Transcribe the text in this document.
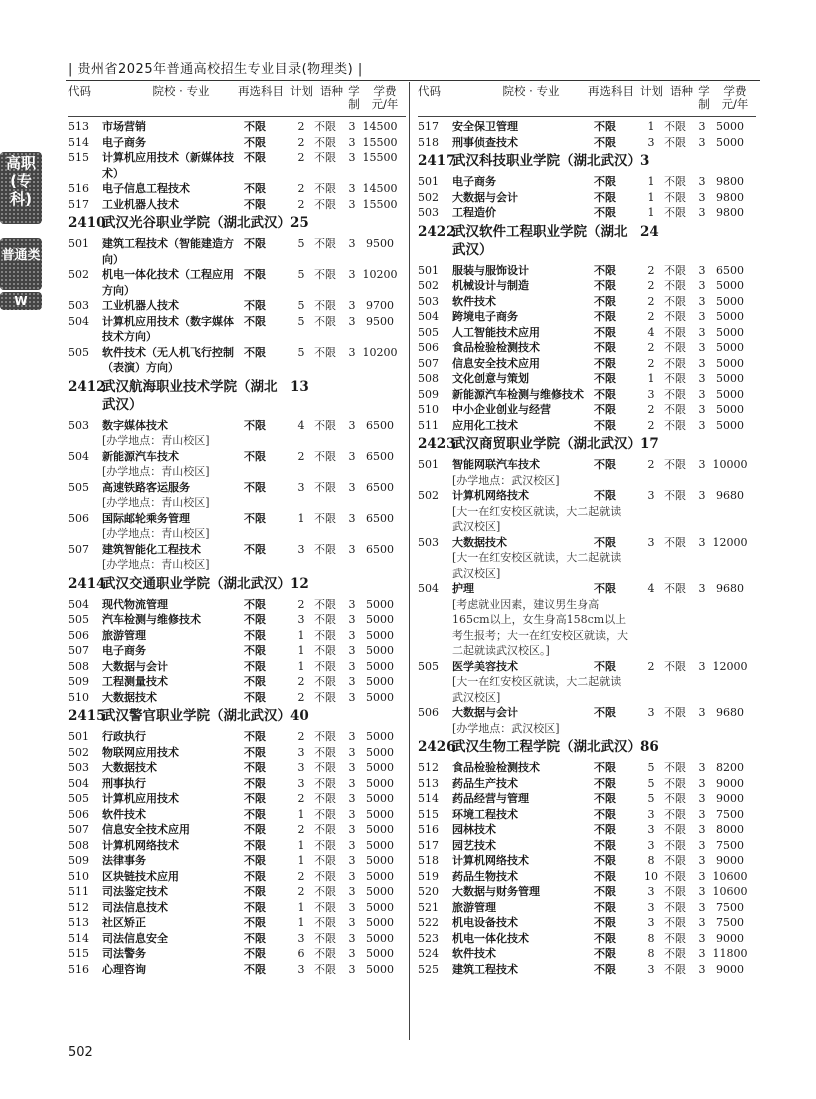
| 贵州省2025年普通高校招生专业目录(物理类) |
高职(专科)
普通类
W
代码	院校 · 专业	再选科目 计划 语种 学制
学费元/年
513	市场营销	不限	2 不限	3 14500
514	电子商务	不限	2 不限	3 15500
515	计算机应用技术（新媒体技术）
不限	2 不限	3 15500
516	电子信息工程技术	不限	2 不限	3 14500
517	工业机器人技术	不限	2 不限	3 15500
2410
武汉光谷职业学院（湖北武汉） 25
501	建筑工程技术（智能建造方向）
不限	5 不限	3 9500
502	机电一体化技术（工程应用方向）
不限	5 不限	3 10200
503	工业机器人技术	不限	5 不限	3 9700
504	计算机应用技术（数字媒体技术方向）
不限	5 不限	3 9500
505	软件技术（无人机飞行控制（表演）方向）
不限	5 不限	3 10200
2412
武汉航海职业技术学院（湖北武汉）
13
503	数字媒体技术	不限	4 不限	3 6500
[办学地点：青山校区]
504	新能源汽车技术	不限	2 不限	3 6500
[办学地点：青山校区]
505	高速铁路客运服务	不限	3 不限	3 6500
[办学地点：青山校区]
506	国际邮轮乘务管理	不限	1 不限	3 6500
[办学地点：青山校区]
507	建筑智能化工程技术	不限	3 不限	3 6500
[办学地点：青山校区]
2414
武汉交通职业学院（湖北武汉） 12
504	现代物流管理	不限	2 不限	3 5000
505	汽车检测与维修技术	不限	3 不限	3 5000
506	旅游管理	不限	1 不限	3 5000
507	电子商务	不限	1 不限	3 5000
508	大数据与会计	不限	1 不限	3 5000
509	工程测量技术	不限	2 不限	3 5000
510	大数据技术	不限	2 不限	3 5000
2415
武汉警官职业学院（湖北武汉） 40
501	行政执行	不限	2 不限	3 5000
502	物联网应用技术	不限	3 不限	3 5000
503	大数据技术	不限	3 不限	3 5000
504	刑事执行	不限	3 不限	3 5000
505	计算机应用技术	不限	2 不限	3 5000
506	软件技术	不限	1 不限	3 5000
507	信息安全技术应用	不限	2 不限	3 5000
508	计算机网络技术	不限	1 不限	3 5000
509	法律事务	不限	1 不限	3 5000
510	区块链技术应用	不限	2 不限	3 5000
511	司法鉴定技术	不限	2 不限	3 5000
512	司法信息技术	不限	1 不限	3 5000
513	社区矫正	不限	1 不限	3 5000
514	司法信息安全	不限	3 不限	3 5000
515	司法警务	不限	6 不限	3 5000
516	心理咨询	不限	3 不限	3 5000
代码	院校 · 专业	再选科目 计划 语种 学制
学费元/年
517	安全保卫管理	不限	1 不限	3 5000
518	刑事侦查技术	不限	3 不限	3 5000
2417
武汉科技职业学院（湖北武汉） 3
501	电子商务	不限	1 不限	3 9800
502	大数据与会计	不限	1 不限	3 9800
503	工程造价	不限	1 不限	3 9800
2422
武汉软件工程职业学院（湖北武汉）
24
501	服装与服饰设计	不限	2 不限	3 6500
502	机械设计与制造	不限	2 不限	3 5000
503	软件技术	不限	2 不限	3 5000
504	跨境电子商务	不限	2 不限	3 5000
505	人工智能技术应用	不限	4 不限	3 5000
506	食品检验检测技术	不限	2 不限	3 5000
507	信息安全技术应用	不限	2 不限	3 5000
508	文化创意与策划	不限	1 不限	3 5000
509	新能源汽车检测与维修技术 不限	3 不限	3 5000
510	中小企业创业与经营	不限	2 不限	3 5000
511	应用化工技术	不限	2 不限	3 5000
2423
武汉商贸职业学院（湖北武汉） 17
501	智能网联汽车技术	不限	2 不限	3 10000
[办学地点：武汉校区]
502	计算机网络技术	不限	3 不限	3 9680
[大一在红安校区就读，大二起就读武汉校区]
503	大数据技术	不限	3 不限	3 12000
[大一在红安校区就读，大二起就读武汉校区]
504	护理	不限	4 不限	3 9680
[考虑就业因素，建议男生身高165cm以上，女生身高158cm以上考生报考；大一在红安校区就读，大二起就读武汉校区。]
505	医学美容技术	不限	2 不限	3 12000
[大一在红安校区就读，大二起就读武汉校区]
506	大数据与会计	不限	3 不限	3 9680
[办学地点：武汉校区]
2426
武汉生物工程学院（湖北武汉） 86
512	食品检验检测技术	不限	5 不限	3 8200
513	药品生产技术	不限	5 不限	3 9000
514	药品经营与管理	不限	5 不限	3 9000
515	环境工程技术	不限	3 不限	3 7500
516	园林技术	不限	3 不限	3 8000
517	园艺技术	不限	3 不限	3 7500
518	计算机网络技术	不限	8 不限	3 9000
519	药品生物技术	不限	10 不限	3 10600
520	大数据与财务管理	不限	3 不限	3 10600
521	旅游管理	不限	3 不限	3 7500
522	机电设备技术	不限	3 不限	3 7500
523	机电一体化技术	不限	8 不限	3 9000
524	软件技术	不限	8 不限	3 11800
525	建筑工程技术	不限	3 不限	3 9000
502
